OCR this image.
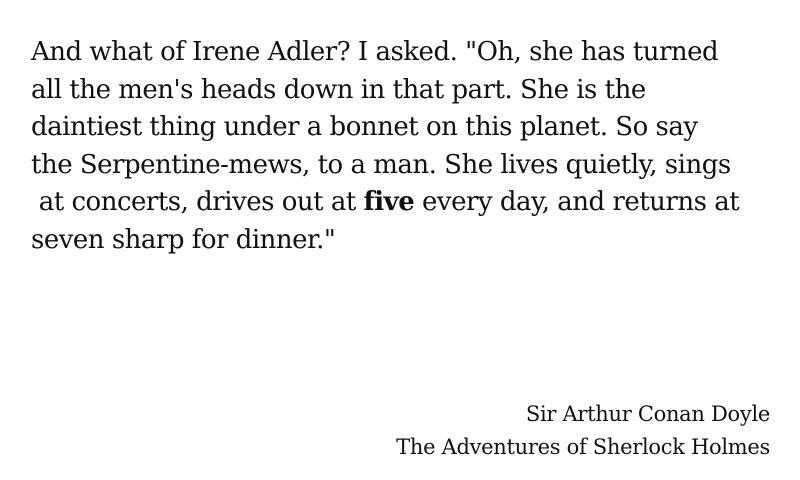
And what of Irene Adler? I asked. "Oh, she has turned
all the men's heads down in that part. She is the
daintiest thing under a bonnet on this planet. So say
the Serpentine-mews, to a man. She lives quietly, sings
at concerts, drives out at five every day, and returns at
seven sharp for dinner."
Sir Arthur Conan Doyle
The Adventures of Sherlock Holmes
